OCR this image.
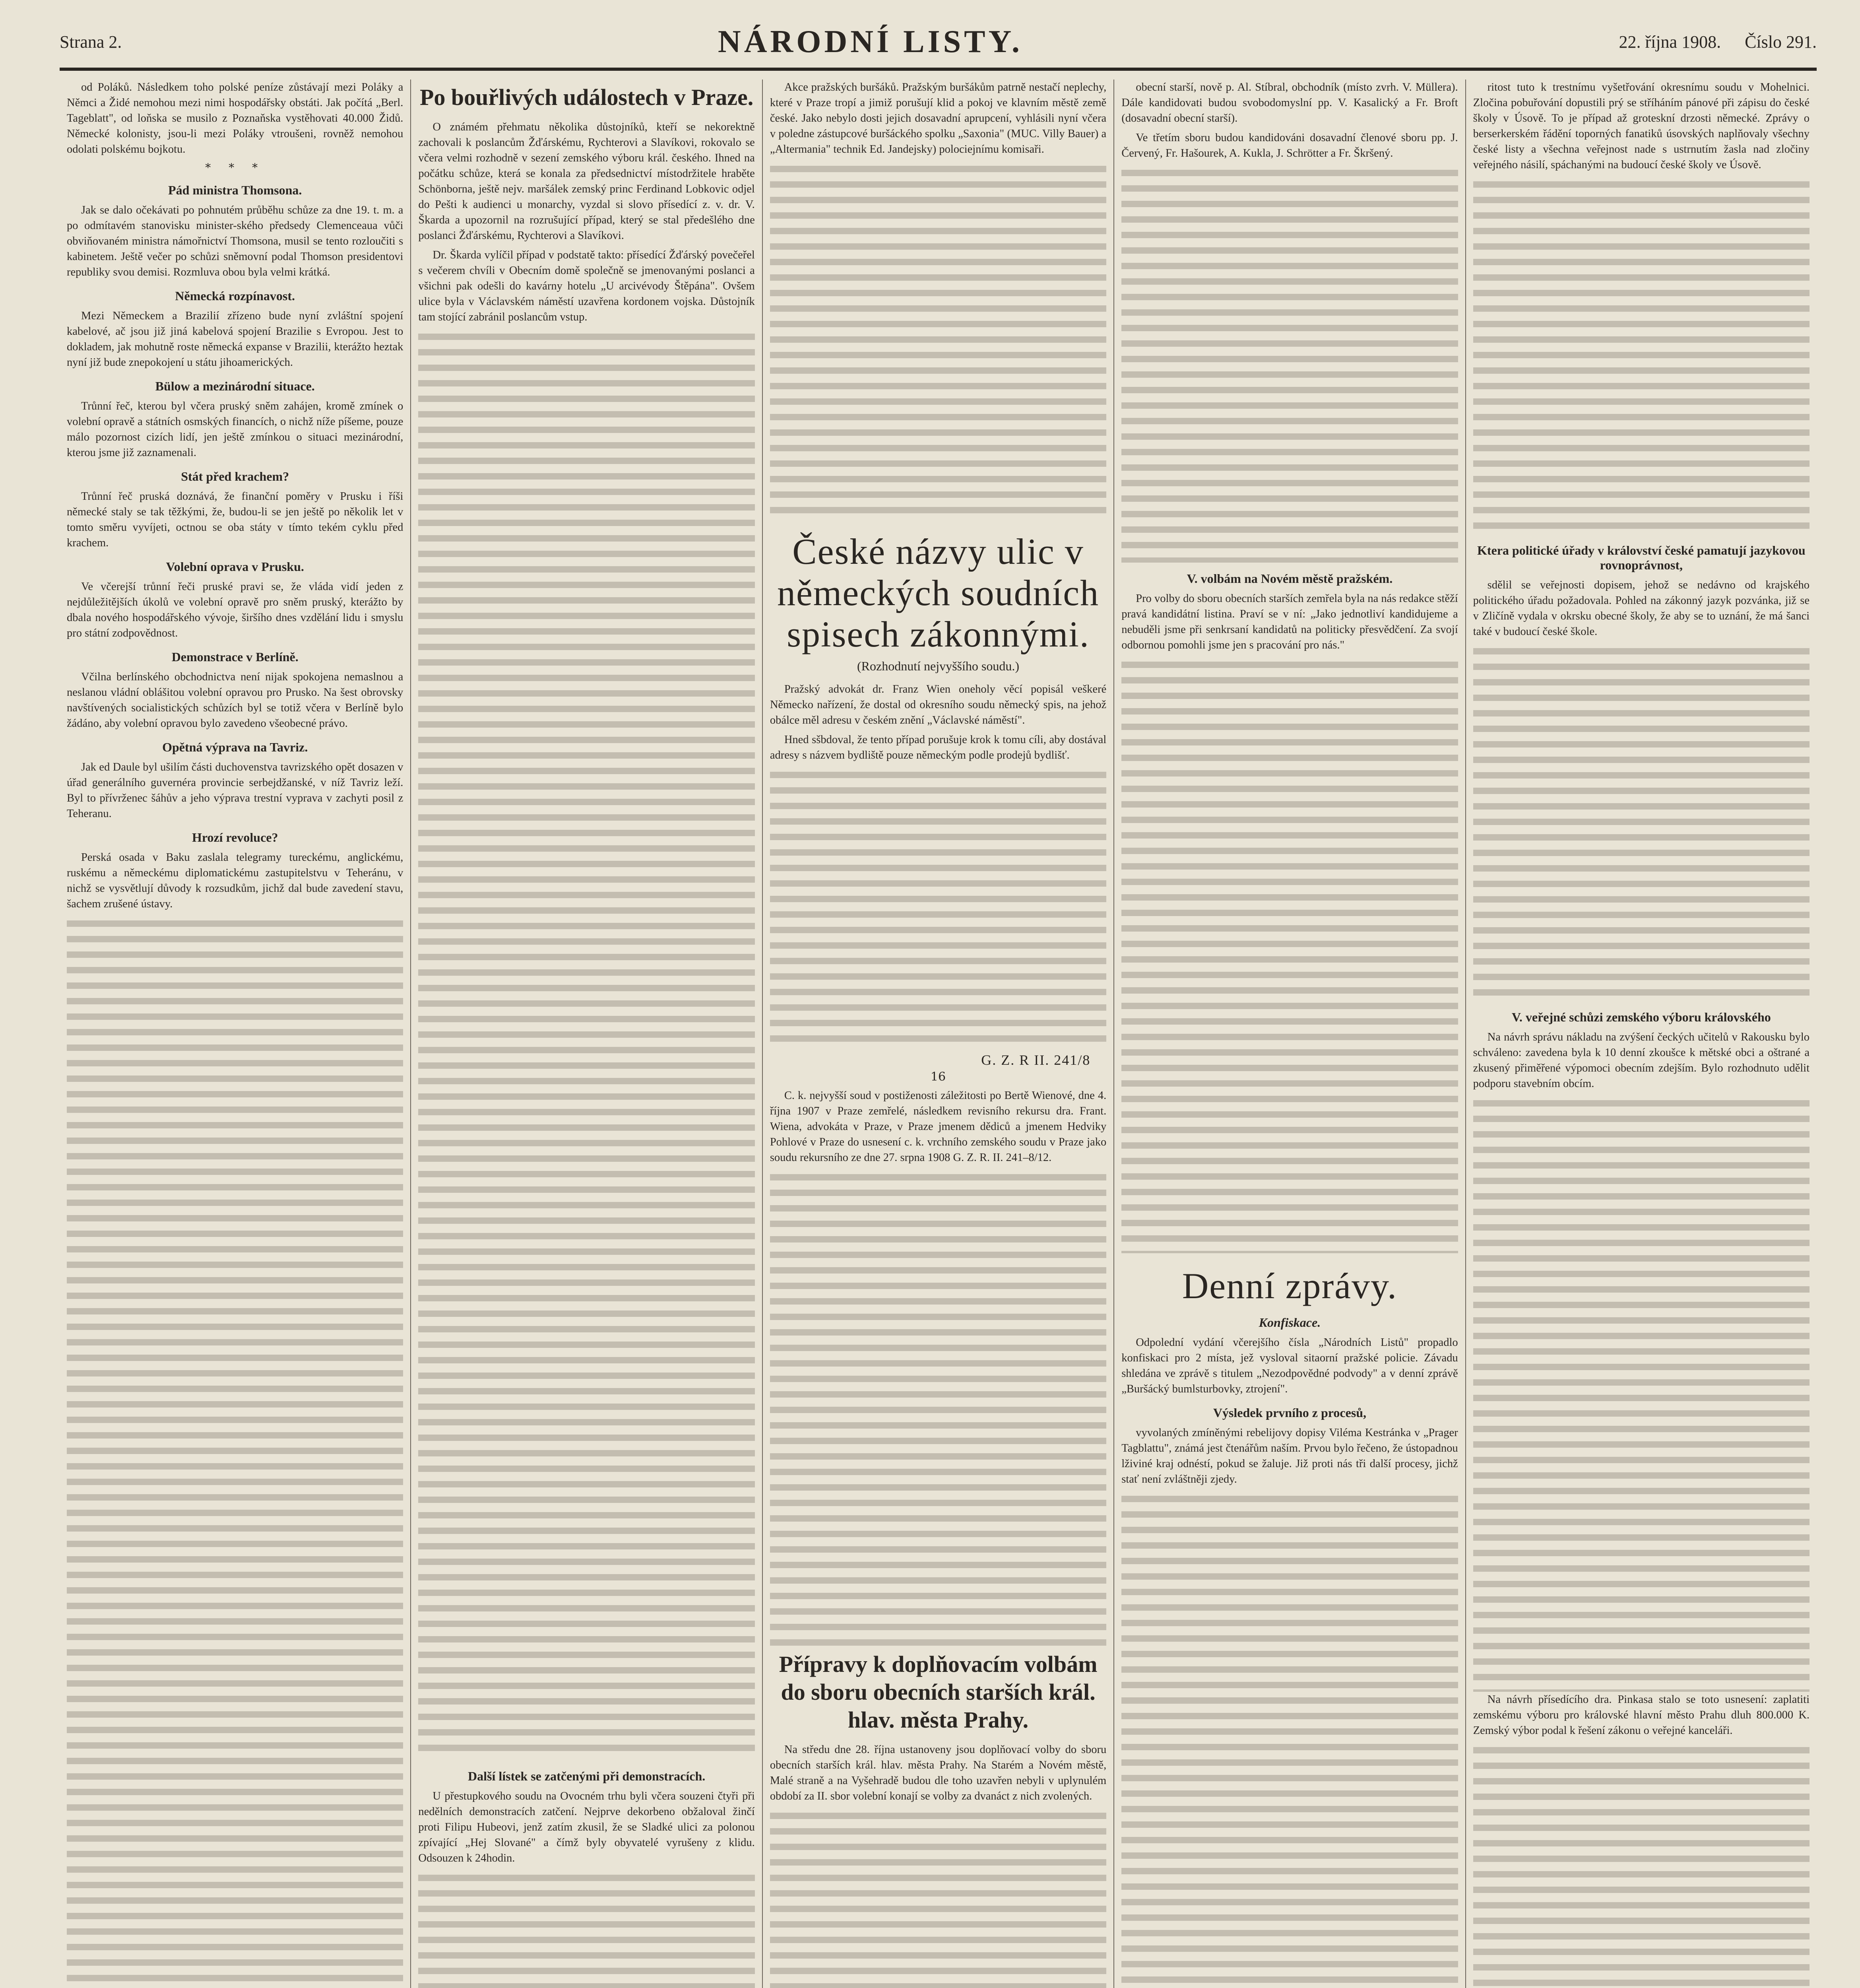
Strana 2.	NÁRODNÍ LISTY.	22. října 1908. Číslo 291.

od Poláků. Následkem toho polské peníze zůstávají mezi Poláky a Němci a Židé nemohou mezi nimi hospodářsky obstáti. Jak počítá „Berl. Tageblatt", od loňska se musilo z Poznaňska vystěhovati 40.000 Židů. Německé kolonisty, jsou-li mezi Poláky vtroušeni, rovněž nemohou odolati polskému bojkotu.

* * *
Pád ministra Thomsona.

Jak se dalo očekávati po pohnutém průběhu schůze za dne 19. t. m. a po odmítavém stanovisku minister-ského předsedy Clemenceaua vůči obviňovaném ministra námořnictví Thomsona, musil se tento rozloučiti s kabinetem. Ještě večer po schůzi sněmovní podal Thomson presidentovi republiky svou demisi. Rozmluva obou byla velmi krátká.

Německá rozpínavost.

Mezi Německem a Brazilií zřízeno bude nyní zvláštní spojení kabelové, ač jsou již jiná kabelová spojení Brazilie s Evropou. Jest to dokladem, jak mohutně roste německá expanse v Brazilii, kterážto heztak nyní již bude znepokojení u státu jihoamerických.

Bülow a mezinárodní situace.

Trůnní řeč, kterou byl včera pruský sněm zahájen, kromě zmínek o volební opravě a státních osmských financích, o nichž níže píšeme, pouze málo pozornost cizích lidí, jen ještě zmínkou o situaci mezinárodní, kterou jsme již zaznamenali.

Stát před krachem?

Trůnní řeč pruská doznává, že finanční poměry v Prusku i říši německé staly se tak těžkými, že, budou-li se jen ještě po několik let v tomto směru vyvíjeti, octnou se oba státy v tímto tekém cyklu před krachem.

Volební oprava v Prusku.

Ve včerejší trůnní řeči pruské pravi se, že vláda vidí jeden z nejdůležitějších úkolů ve volební opravě pro sněm pruský, kterážto by dbala nového hospodářského vývoje, širšího dnes vzdělání lidu i smyslu pro státní zodpovědnost.

Demonstrace v Berlíně.

Včilna berlínského obchodnictva není nijak spokojena nemaslnou a neslanou vládní oblášitou volební opravou pro Prusko. Na šest obrovsky navštívených socialistických schůzích byl se totiž včera v Berlíně bylo žádáno, aby volební opravou bylo zavedeno všeobecné právo.

Opětná výprava na Tavriz.

Jak ed Daule byl ušilím části duchovenstva tavrizského opět dosazen v úřad generálního guvernéra provincie serbejdžanské, v níž Tavriz leží. Byl to přívrženec šáhův a jeho výprava trestní vyprava v zachyti posil z Teheranu.

Hrozí revoluce?

Perská osada v Baku zaslala telegramy tureckému, anglickému, ruskému a německému diplomatickému zastupitelstvu v Teheránu, v nichž se vysvětlují důvody k rozsudkům, jichž dal bude zavedení stavu, šachem zrušené ústavy.

Po bouřlivých událostech v Praze.

O známém přehmatu několika důstojníků, kteří se nekorektně zachovali k poslancům Žďárskému, Rychterovi a Slavíkovi, rokovalo se včera velmi rozhodně v sezení zemského výboru král. českého. Ihned na počátku schůze, která se konala za předsednictví místodržitele hraběte Schönborna, ještě nejv. maršálek zemský princ Ferdinand Lobkovic odjel do Pešti k audienci u monarchy, vyzdal si slovo přísedící z. v. dr. V. Škarda a upozornil na rozrušující případ, který se stal předešlého dne poslanci Žďárskému, Rychterovi a Slavíkovi.

Dr. Škarda vylíčil případ v podstatě takto: přísedící Žďárský povečeřel s večerem chvíli v Obecním domě společně se jmenovanými poslanci a všichni pak odešli do kavárny hotelu „U arcivévody Štěpána". Ovšem ulice byla v Václavském náměstí uzavřena kordonem vojska. Důstojník tam stojící zabránil poslancům vstup.

Další lístek se zatčenými při demonstracích.

U přestupkového soudu na Ovocném trhu byli včera souzeni čtyři při nedělních demonstracích zatčení. Nejprve dekorbeno obžaloval žinčí proti Filipu Hubeovi, jenž zatím zkusil, že se Sladké ulici za polonou zpívající „Hej Slované" a čímž byly obyvatelé vyrušeny z klidu. Odsouzen k 24hodin.

Akce pražských buršáků. Pražským buršákům patrně nestačí neplechy, které v Praze tropí a jimiž porušují klid a pokoj ve klavním městě země české. Jako nebylo dosti jejich dosavadní aprupcení, vyhlásili nyní včera v poledne zástupcové buršáckého spolku „Saxonia" (MUC. Villy Bauer) a „Altermania" technik Ed. Jandejsky) polociejnímu komisaři.

České názvy ulic v německých soudních spisech zákonnými.
(Rozhodnutí nejvyššího soudu.)

Pražský advokát dr. Franz Wien oneholy věcí popisál veškeré Německo nařízení, že dostal od okresního soudu německý spis, na jehož obálce měl adresu v českém znění „Václavské náměstí".

Hned sšbdoval, že tento případ porušuje krok k tomu cíli, aby dostával adresy s názvem bydliště pouze německým podle prodejů bydlišť.

G. Z. R II. 241/8
16

C. k. nejvyšší soud v postiženosti záležitosti po Bertě Wienové, dne 4. října 1907 v Praze zemřelé, následkem revisního rekursu dra. Frant. Wiena, advokáta v Praze, v Praze jmenem dědiců a jmenem Hedviky Pohlové v Praze do usnesení c. k. vrchního zemského soudu v Praze jako soudu rekursního ze dne 27. srpna 1908 G. Z. R. II. 241–8/12.

Přípravy k doplňovacím volbám do sboru obecních starších král. hlav. města Prahy.

Na středu dne 28. října ustanoveny jsou doplňovací volby do sboru obecních starších král. hlav. města Prahy. Na Starém a Novém městě, Malé straně a na Vyšehradě budou dle toho uzavřen nebyli v uplynulém období za II. sbor volební konají se volby za dvanáct z nich zvolených.

obecní starší, nově p. Al. Stíbral, obchodník (místo zvrh. V. Müllera). Dále kandidovati budou svobodomyslní pp. V. Kasalický a Fr. Broft (dosavadní obecní starší).

Ve třetím sboru budou kandidováni dosavadní členové sboru pp. J. Červený, Fr. Hašourek, A. Kukla, J. Schrötter a Fr. Škršený.

V. volbám na Novém městě pražském.

Pro volby do sboru obecních starších zemřela byla na nás redakce stěží pravá kandidátní listina. Praví se v ní: „Jako jednotliví kandidujeme a nebuděli jsme při senkrsaní kandidatů na politicky přesvědčení. Za svojí odbornou pomohli jsme jen s pracování pro nás."

Denní zprávy.
Konfiskace.

Odpolední vydání včerejšího čísla „Národních Listů" propadlo konfiskaci pro 2 místa, jež vysloval sitaorní pražské policie. Závadu shledána ve zprávě s titulem „Nezodpovědné podvody" a v denní zprávě „Buršácký bumlsturbovky, ztrojení".

Výsledek prvního z procesů,

vyvolaných zmíněnými rebelijovy dopisy Viléma Kestránka v „Prager Tagblattu", známá jest čtenářům naším. Prvou bylo řečeno, že ústopadnou lživiné kraj odnéstí, pokud se žaluje. Již proti nás tři další procesy, jichž stať není zvláštněji zjedy.

ritost tuto k trestnímu vyšetřování okresnímu soudu v Mohelnici. Zločina pobuřování dopustili prý se stříháním pánové při zápisu do české školy v Úsově. To je případ až groteskní drzosti německé. Zprávy o berserkerském řádění toporných fanatiků úsovských naplňovaly všechny české listy a všechna veřejnost nade s ustrnutím žasla nad zločiny veřejného násilí, spáchanými na budoucí české školy ve Úsově.

Ktera politické úřady v království české pamatují jazykovou rovnoprávnost,

sdělil se veřejnosti dopisem, jehož se nedávno od krajského politického úřadu požadovala. Pohled na zákonný jazyk pozvánka, již se v Zličíně vydala v okrsku obecné školy, že aby se to uznání, že má šanci také v budoucí české škole.

V. veřejné schůzi zemského výboru královského

Na návrh správu nákladu na zvýšení čeckých učitelů v Rakousku bylo schváleno: zavedena byla k 10 denní zkoušce k mětské obci a oštrané a zkusený přiměřené výpomoci obecním zdejším. Bylo rozhodnuto udělit podporu stavebním obcím.

Na návrh přísedícího dra. Pinkasa stalo se toto usnesení: zaplatiti zemskému výboru pro královské hlavní město Prahu dluh 800.000 K. Zemský výbor podal k řešení zákonu o veřejné kanceláři.
